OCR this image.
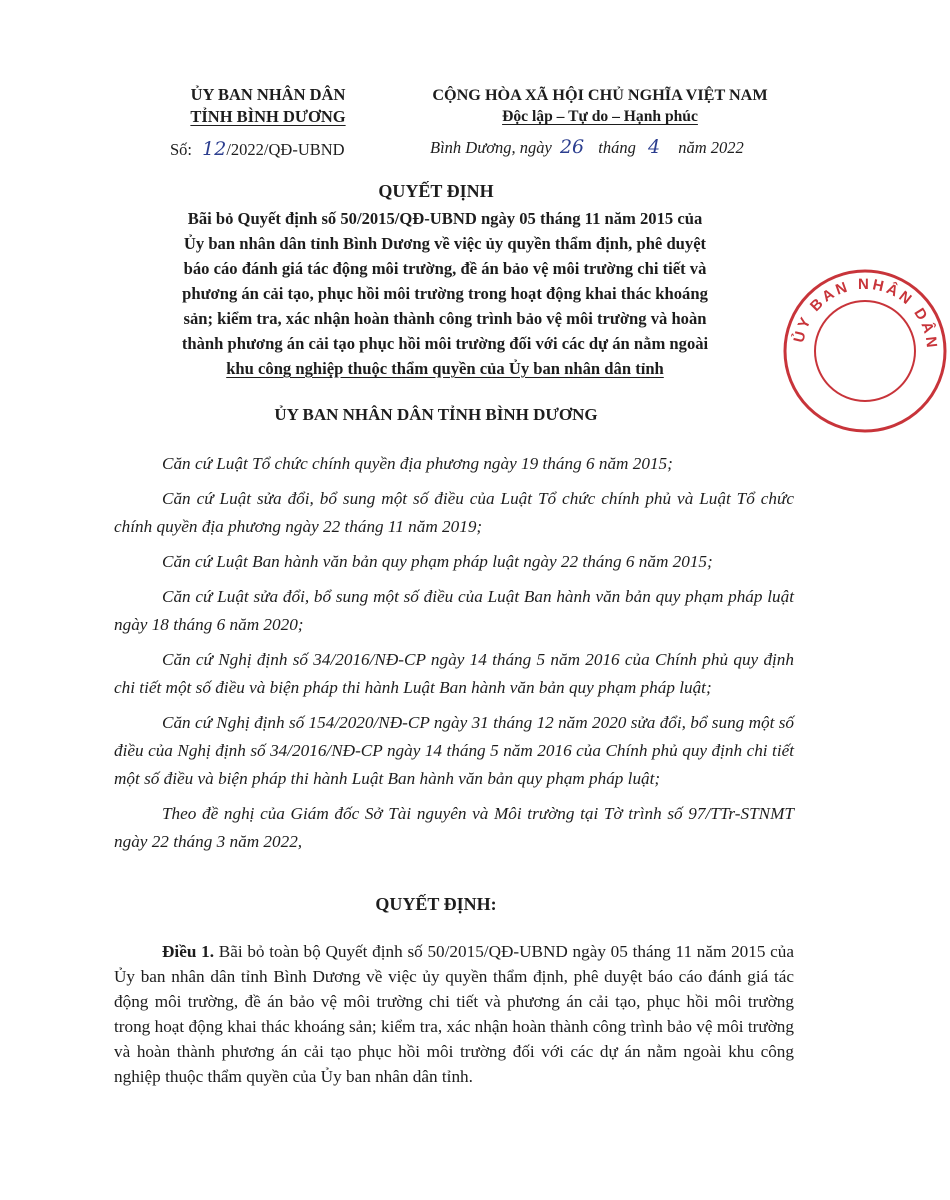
ỦY BAN NHÂN DÂN
TỈNH BÌNH DƯƠNG
CỘNG HÒA XÃ HỘI CHỦ NGHĨA VIỆT NAM
Độc lập – Tự do – Hạnh phúc
Số: 12/2022/QĐ-UBND	Bình Dương, ngày 26 tháng 4 năm 2022
QUYẾT ĐỊNH
Bãi bỏ Quyết định số 50/2015/QĐ-UBND ngày 05 tháng 11 năm 2015 của
Ủy ban nhân dân tỉnh Bình Dương về việc ủy quyền thẩm định, phê duyệt
báo cáo đánh giá tác động môi trường, đề án bảo vệ môi trường chi tiết và
phương án cải tạo, phục hồi môi trường trong hoạt động khai thác khoáng
sản; kiểm tra, xác nhận hoàn thành công trình bảo vệ môi trường và hoàn
thành phương án cải tạo phục hồi môi trường đối với các dự án nằm ngoài
khu công nghiệp thuộc thẩm quyền của Ủy ban nhân dân tỉnh
ỦY BAN NHÂN DÂN TỈNH BÌNH DƯƠNG
Căn cứ Luật Tổ chức chính quyền địa phương ngày 19 tháng 6 năm 2015;
Căn cứ Luật sửa đổi, bổ sung một số điều của Luật Tổ chức chính phủ và Luật Tổ chức chính quyền địa phương ngày 22 tháng 11 năm 2019;
Căn cứ Luật Ban hành văn bản quy phạm pháp luật ngày 22 tháng 6 năm 2015;
Căn cứ Luật sửa đổi, bổ sung một số điều của Luật Ban hành văn bản quy phạm pháp luật ngày 18 tháng 6 năm 2020;
Căn cứ Nghị định số 34/2016/NĐ-CP ngày 14 tháng 5 năm 2016 của Chính phủ quy định chi tiết một số điều và biện pháp thi hành Luật Ban hành văn bản quy phạm pháp luật;
Căn cứ Nghị định số 154/2020/NĐ-CP ngày 31 tháng 12 năm 2020 sửa đổi, bổ sung một số điều của Nghị định số 34/2016/NĐ-CP ngày 14 tháng 5 năm 2016 của Chính phủ quy định chi tiết một số điều và biện pháp thi hành Luật Ban hành văn bản quy phạm pháp luật;
Theo đề nghị của Giám đốc Sở Tài nguyên và Môi trường tại Tờ trình số 97/TTr-STNMT ngày 22 tháng 3 năm 2022,
QUYẾT ĐỊNH:
Điều 1. Bãi bỏ toàn bộ Quyết định số 50/2015/QĐ-UBND ngày 05 tháng 11 năm 2015 của Ủy ban nhân dân tỉnh Bình Dương về việc ủy quyền thẩm định, phê duyệt báo cáo đánh giá tác động môi trường, đề án bảo vệ môi trường chi tiết và phương án cải tạo, phục hồi môi trường trong hoạt động khai thác khoáng sản; kiểm tra, xác nhận hoàn thành công trình bảo vệ môi trường và hoàn thành phương án cải tạo phục hồi môi trường đối với các dự án nằm ngoài khu công nghiệp thuộc thẩm quyền của Ủy ban nhân dân tỉnh.
ỦY BAN NHÂN DÂN
